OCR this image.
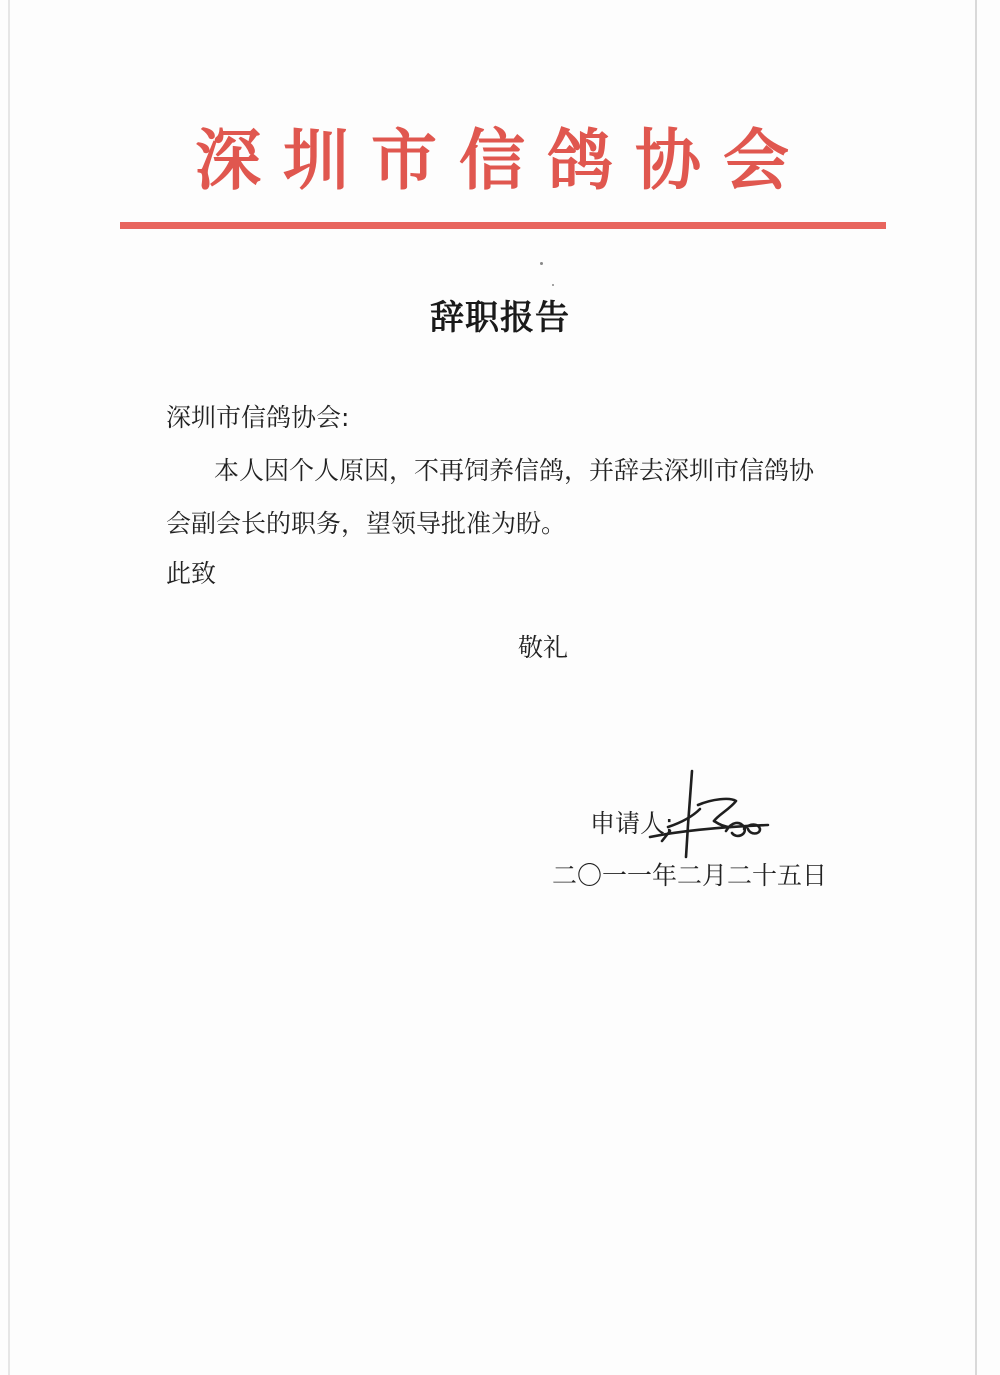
深圳市信鸽协会
辞职报告
深圳市信鸽协会:
本人因个人原因，不再饲养信鸽，并辞去深圳市信鸽协
会副会长的职务，望领导批准为盼。
此致
敬礼
申请人:
二〇一一年二月二十五日
